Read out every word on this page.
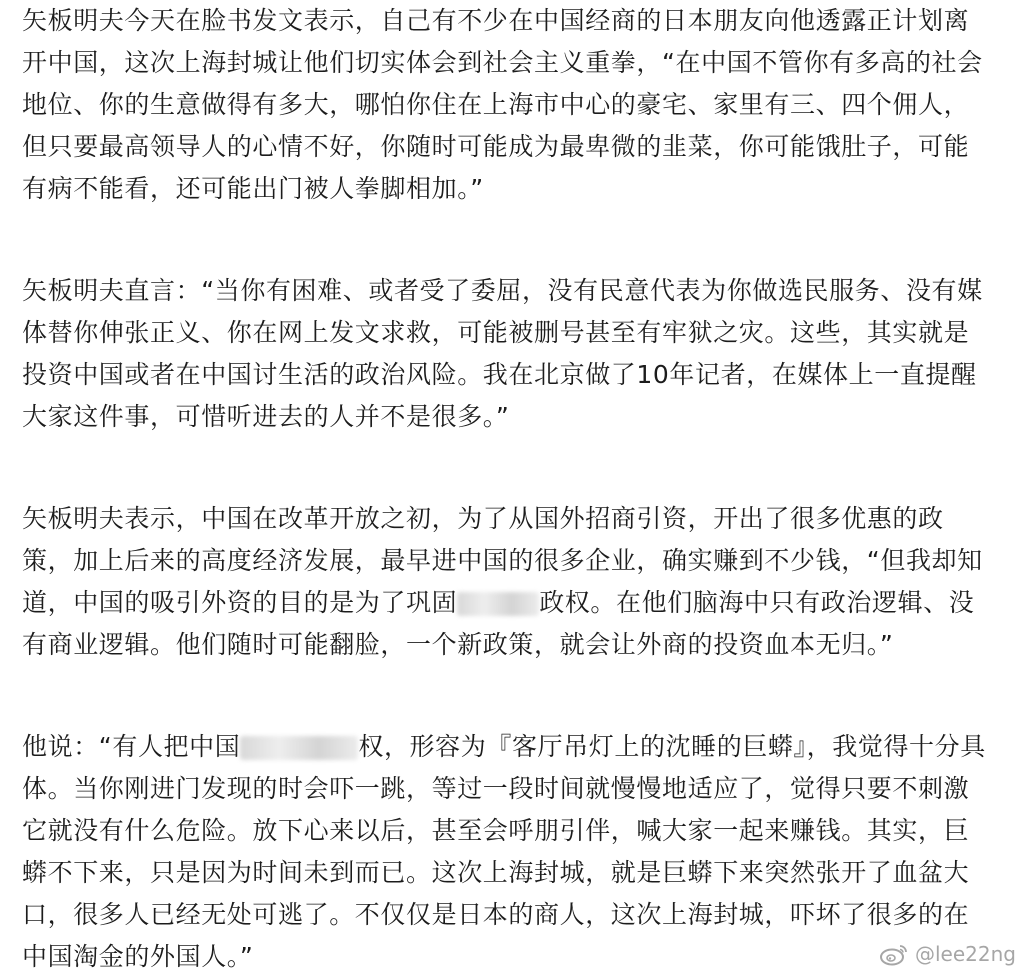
矢板明夫今天在脸书发文表示，自己有不少在中国经商的日本朋友向他透露正计划离
开中国，这次上海封城让他们切实体会到社会主义重拳，“在中国不管你有多高的社会
地位、你的生意做得有多大，哪怕你住在上海市中心的豪宅、家里有三、四个佣人，
但只要最高领导人的心情不好，你随时可能成为最卑微的韭菜，你可能饿肚子，可能
有病不能看，还可能出门被人拳脚相加。”

矢板明夫直言：“当你有困难、或者受了委屈，没有民意代表为你做选民服务、没有媒
体替你伸张正义、你在网上发文求救，可能被删号甚至有牢狱之灾。这些，其实就是
投资中国或者在中国讨生活的政治风险。我在北京做了10年记者，在媒体上一直提醒
大家这件事，可惜听进去的人并不是很多。”

矢板明夫表示，中国在改革开放之初，为了从国外招商引资，开出了很多优惠的政
策，加上后来的高度经济发展，最早进中国的很多企业，确实赚到不少钱，“但我却知
道，中国的吸引外资的目的是为了巩固	政权。在他们脑海中只有政治逻辑、没
有商业逻辑。他们随时可能翻脸，一个新政策，就会让外商的投资血本无归。”

他说：“有人把中国	权，形容为『客厅吊灯上的沈睡的巨蟒』，我觉得十分具
体。当你刚进门发现的时会吓一跳，等过一段时间就慢慢地适应了，觉得只要不刺激
它就没有什么危险。放下心来以后，甚至会呼朋引伴，喊大家一起来赚钱。其实，巨
蟒不下来，只是因为时间未到而已。这次上海封城，就是巨蟒下来突然张开了血盆大
口，很多人已经无处可逃了。不仅仅是日本的商人，这次上海封城，吓坏了很多的在
中国淘金的外国人。”	@lee22ng
